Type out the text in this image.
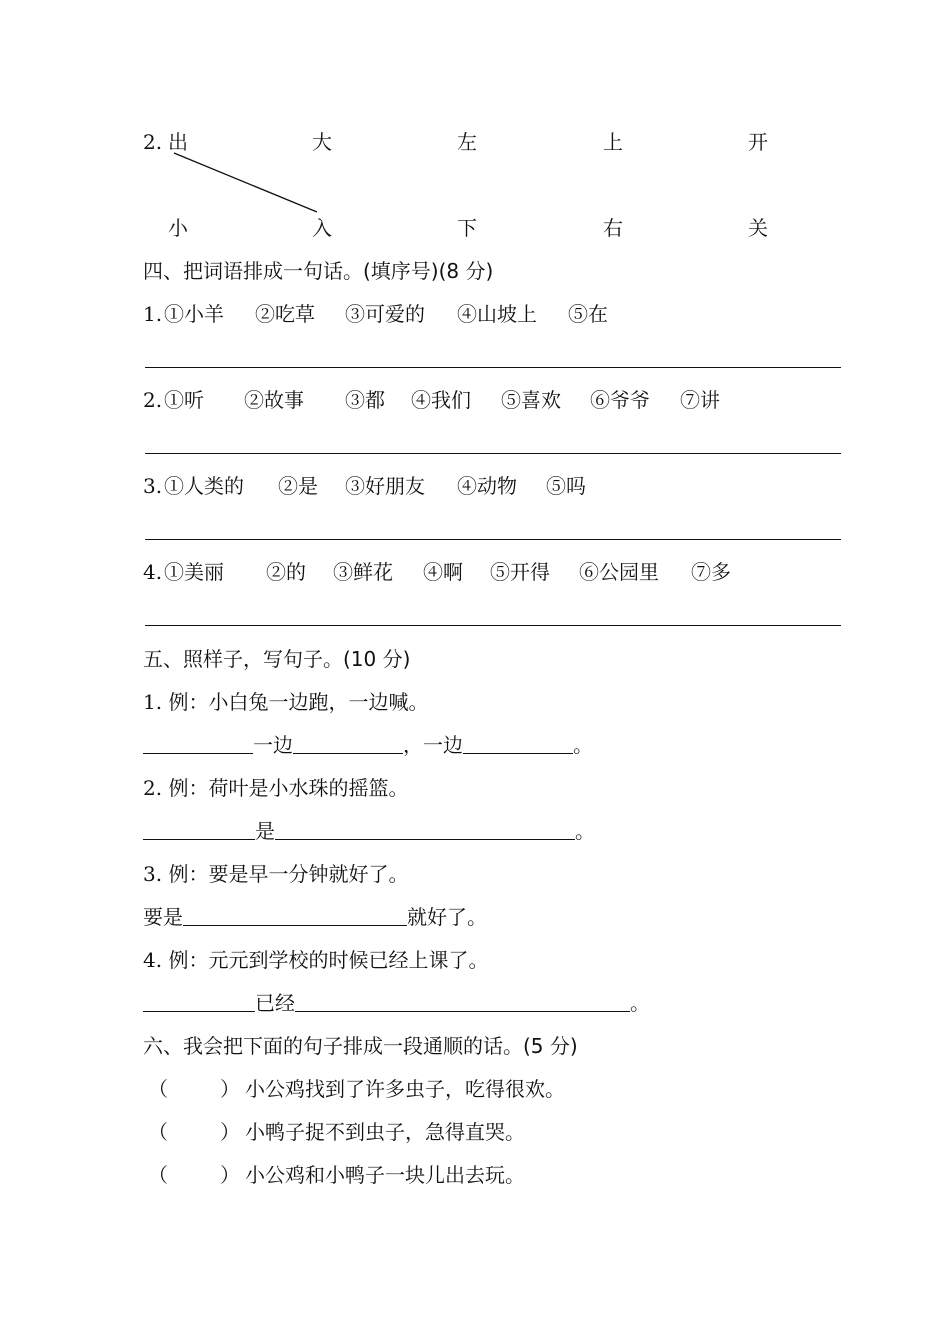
2. 出	大	左	上	开
小	入	下	右	关
四、把词语排成一句话。(填序号)(8 分)
1. ①小羊 ②吃草 ③可爱的 ④山坡上 ⑤在
2. ①听 ②故事 ③都 ④我们 ⑤喜欢 ⑥爷爷 ⑦讲
3. ①人类的 ②是 ③好朋友 ④动物 ⑤吗
4. ①美丽 ②的 ③鲜花 ④啊 ⑤开得 ⑥公园里 ⑦多
五、照样子，写句子。(10 分)
1. 例：小白兔一边跑，一边喊。
一边	，一边	。
2. 例：荷叶是小水珠的摇篮。
是	。
3. 例：要是早一分钟就好了。
要是	就好了。
4. 例：元元到学校的时候已经上课了。
已经	。
六、我会把下面的句子排成一段通顺的话。(5 分)
（	） 小公鸡找到了许多虫子，吃得很欢。
（	） 小鸭子捉不到虫子，急得直哭。
（	） 小公鸡和小鸭子一块儿出去玩。
